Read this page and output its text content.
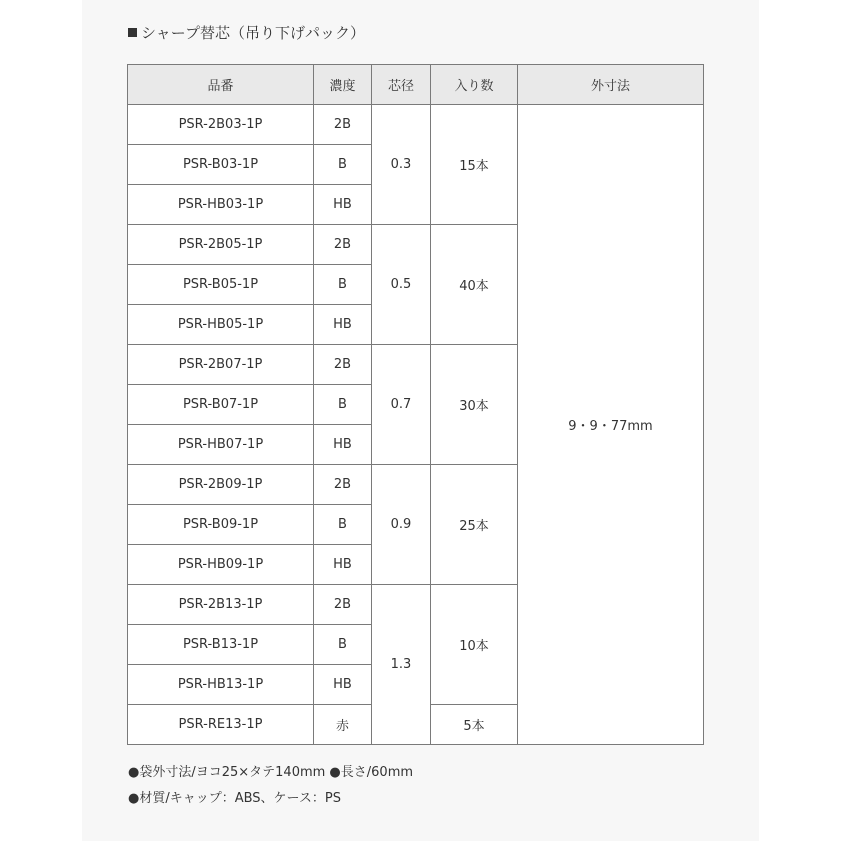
シャープ替芯（吊り下げパック）
品番	濃度	芯径	入り数	外寸法
PSR-2B03-1P	2B	0.3	15本	9・9・77mm
PSR-B03-1P	B			
PSR-HB03-1P	HB			
PSR-2B05-1P	2B	0.5	40本	
PSR-B05-1P	B			
PSR-HB05-1P	HB			
PSR-2B07-1P	2B	0.7	30本	
PSR-B07-1P	B			
PSR-HB07-1P	HB			
PSR-2B09-1P	2B	0.9	25本	
PSR-B09-1P	B			
PSR-HB09-1P	HB			
PSR-2B13-1P	2B	1.3	10本	
PSR-B13-1P	B			
PSR-HB13-1P	HB			
PSR-RE13-1P	赤		5本	
●袋外寸法/ヨコ25×タテ140mm ●長さ/60mm
●材質/キャップ：ABS、ケース：PS
